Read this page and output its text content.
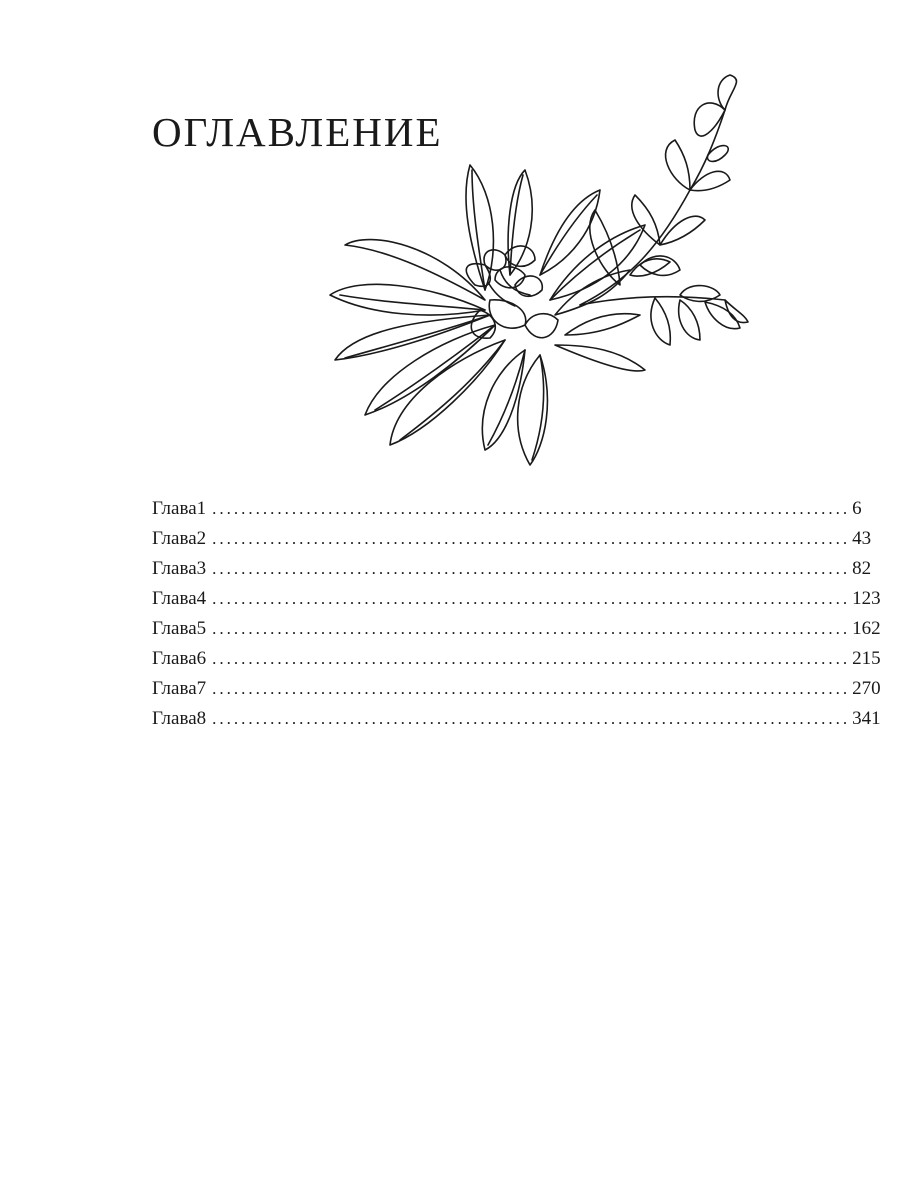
ОГЛАВЛЕНИЕ
Глава 1 ........................................................................................ 6
Глава 2 ........................................................................................ 43
Глава 3 ........................................................................................ 82
Глава 4 ........................................................................................ 123
Глава 5 ........................................................................................ 162
Глава 6 ........................................................................................ 215
Глава 7 ........................................................................................ 270
Глава 8 ........................................................................................ 341
